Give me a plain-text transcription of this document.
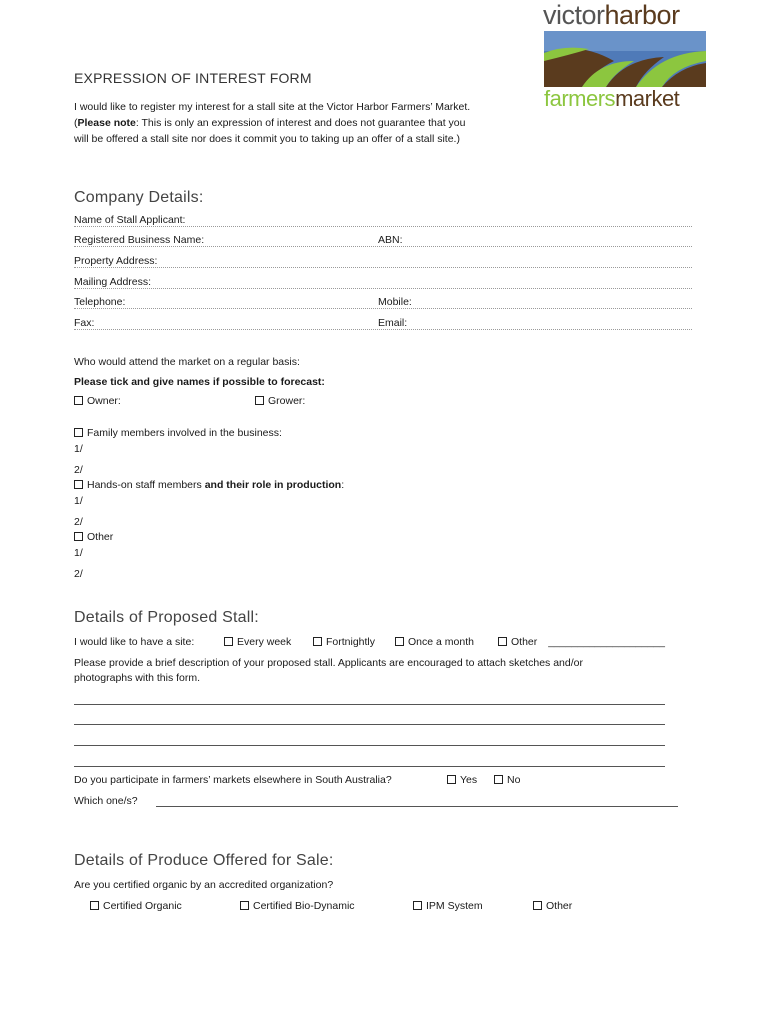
victorharbor
farmersmarket
EXPRESSION OF INTEREST FORM
I would like to register my interest for a stall site at the Victor Harbor Farmers’ Market.
(Please note: This is only an expression of interest and does not guarantee that you
will be offered a stall site nor does it commit you to taking up an offer of a stall site.)
Company Details:
Name of Stall Applicant:
Registered Business Name:	ABN:
Property Address:
Mailing Address:
Telephone:	Mobile:
Fax:	Email:
Who would attend the market on a regular basis:
Please tick and give names if possible to forecast:
Owner:	Grower:
Family members involved in the business:
1/
2/
Hands-on staff members and their role in production:
1/
2/
Other
1/
2/
Details of Proposed Stall:
I would like to have a site:	Every week	Fortnightly	Once a month	Other ____________________
Please provide a brief description of your proposed stall. Applicants are encouraged to attach sketches and/or
photographs with this form.
Do you participate in farmers’ markets elsewhere in South Australia?	Yes	No
Which one/s?
Details of Produce Offered for Sale:
Are you certified organic by an accredited organization?
Certified Organic	Certified Bio-Dynamic	IPM System	Other
